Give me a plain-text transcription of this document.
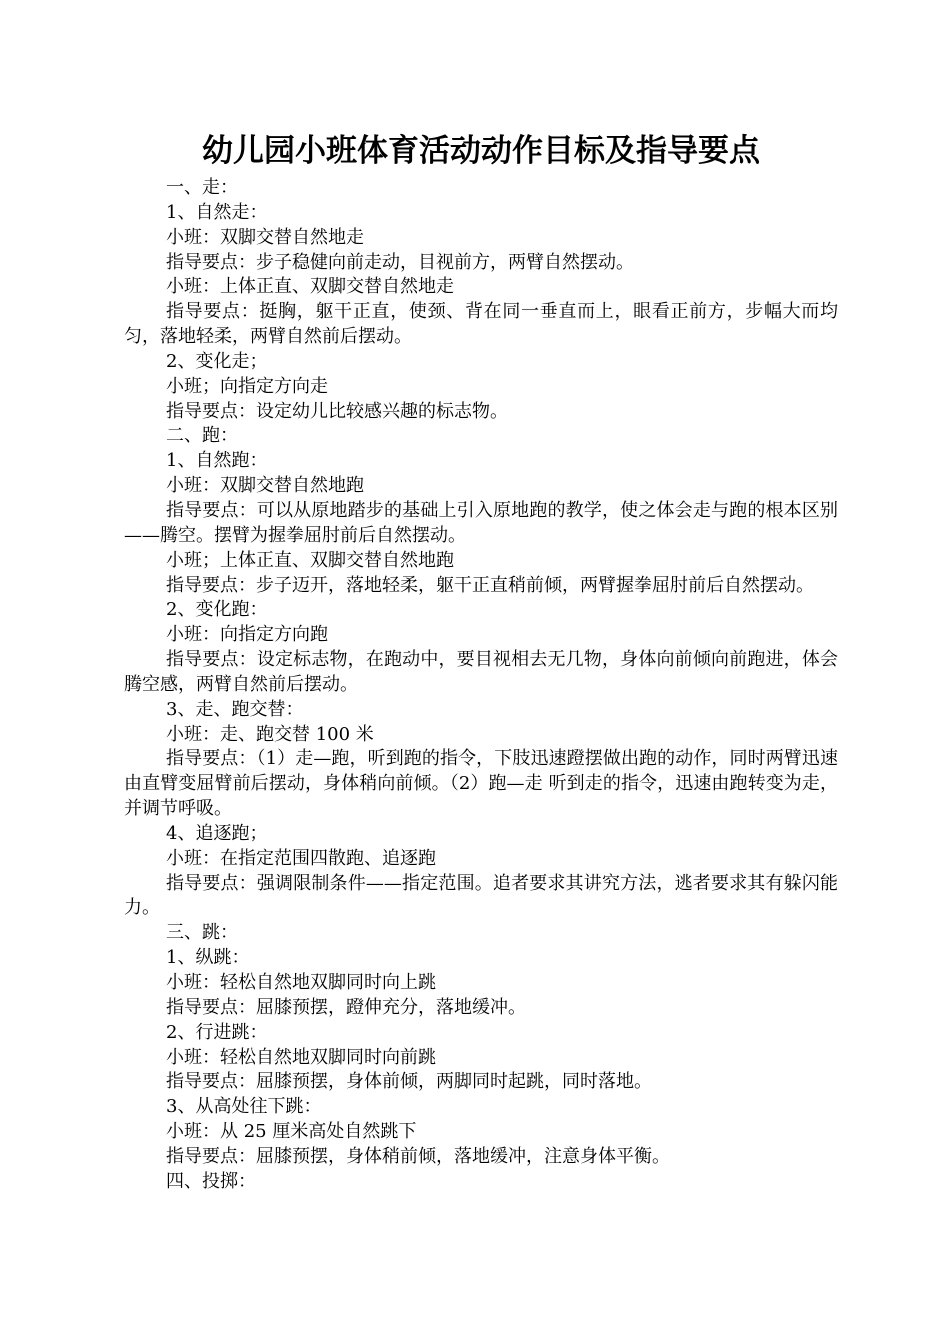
幼儿园小班体育活动动作目标及指导要点

一、走：

1、自然走：

小班：双脚交替自然地走

指导要点：步子稳健向前走动，目视前方，两臂自然摆动。

小班：上体正直、双脚交替自然地走

指导要点：挺胸，躯干正直，使颈、背在同一垂直而上，眼看正前方，步幅大而均匀，落地轻柔，两臂自然前后摆动。

2、变化走；

小班；向指定方向走

指导要点：设定幼儿比较感兴趣的标志物。

二、跑：

1、自然跑：

小班：双脚交替自然地跑

指导要点：可以从原地踏步的基础上引入原地跑的教学，使之体会走与跑的根本区别——腾空。摆臂为握拳屈肘前后自然摆动。

小班；上体正直、双脚交替自然地跑

指导要点：步子迈开，落地轻柔，躯干正直稍前倾，两臂握拳屈肘前后自然摆动。

2、变化跑：

小班：向指定方向跑

指导要点：设定标志物，在跑动中，要目视相去无几物，身体向前倾向前跑进，体会腾空感，两臂自然前后摆动。

3、走、跑交替：

小班：走、跑交替 100 米

指导要点：（1）走—跑，听到跑的指令，下肢迅速蹬摆做出跑的动作，同时两臂迅速由直臂变屈臂前后摆动，身体稍向前倾。（2）跑—走 听到走的指令，迅速由跑转变为走，并调节呼吸。

4、追逐跑；

小班：在指定范围四散跑、追逐跑

指导要点：强调限制条件——指定范围。追者要求其讲究方法，逃者要求其有躲闪能力。

三、跳：

1、纵跳：

小班：轻松自然地双脚同时向上跳

指导要点：屈膝预摆，蹬伸充分，落地缓冲。

2、行进跳：

小班：轻松自然地双脚同时向前跳

指导要点：屈膝预摆，身体前倾，两脚同时起跳，同时落地。

3、从高处往下跳：

小班：从 25 厘米高处自然跳下

指导要点：屈膝预摆，身体稍前倾，落地缓冲，注意身体平衡。

四、投掷：
